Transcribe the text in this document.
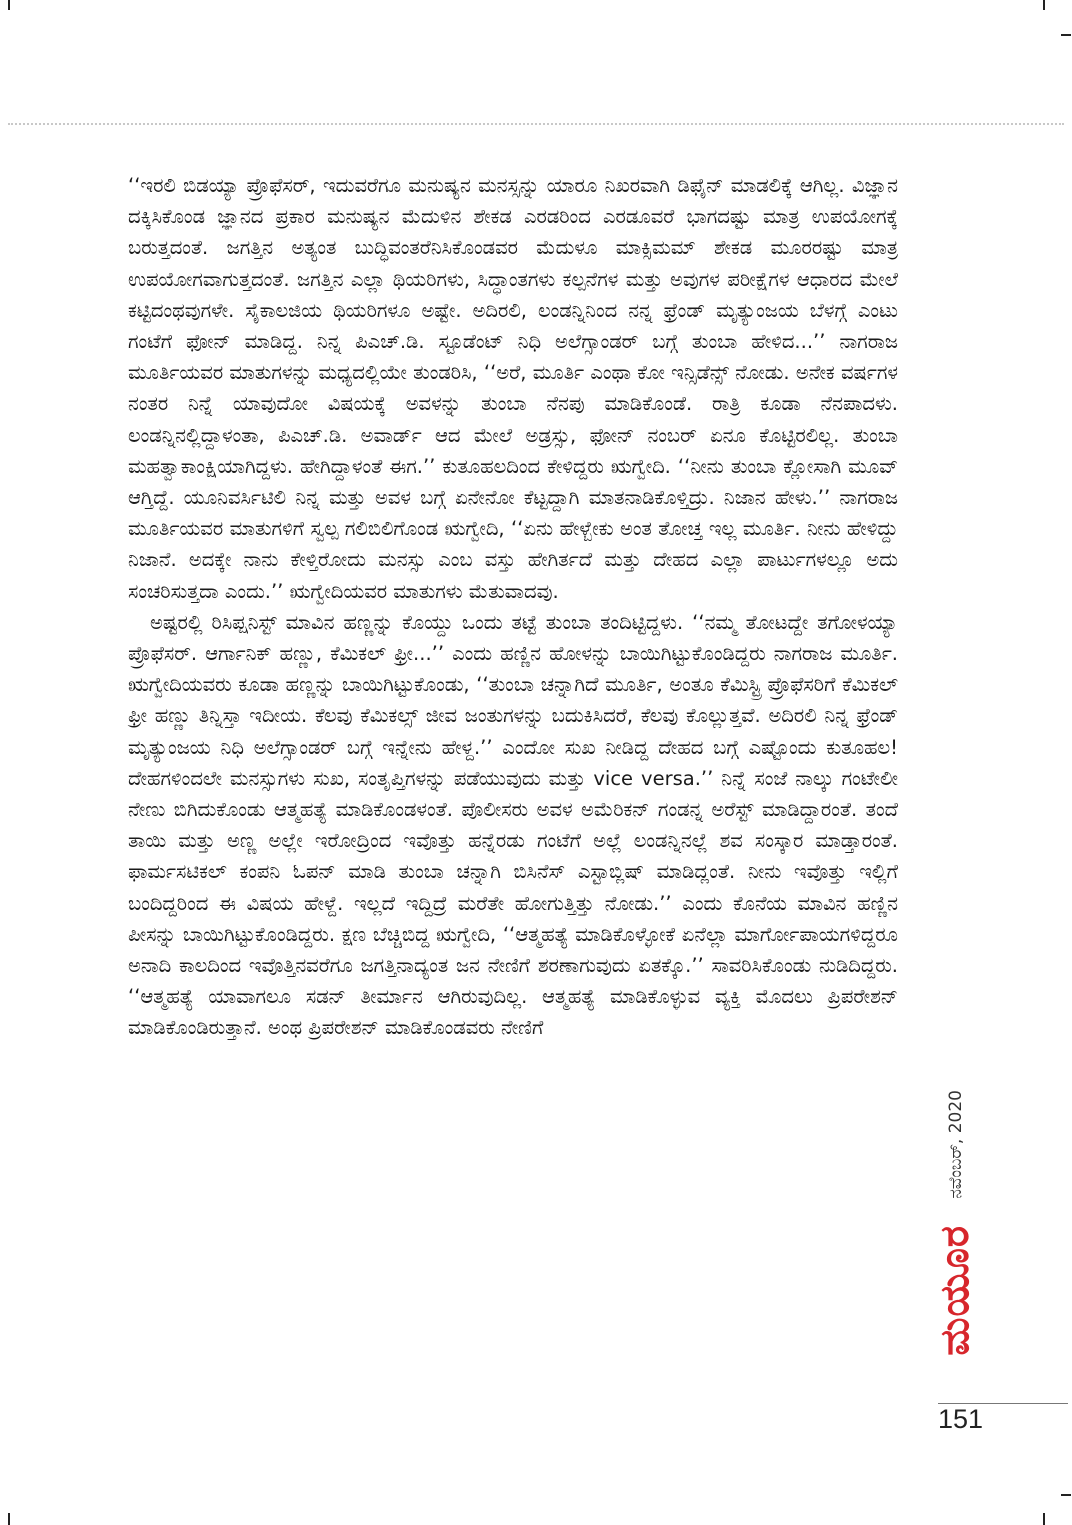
‘‘ಇರಲಿ ಬಿಡಯ್ಯಾ ಪ್ರೊಫೆಸರ್, ಇದುವರೆಗೂ ಮನುಷ್ಯನ ಮನಸ್ಸನ್ನು ಯಾರೂ ನಿಖರವಾಗಿ ಡಿಫೈನ್ ಮಾಡಲಿಕ್ಕೆ ಆಗಿಲ್ಲ. ವಿಜ್ಞಾನ ದಕ್ಕಿಸಿಕೊಂಡ ಜ್ಞಾನದ ಪ್ರಕಾರ ಮನುಷ್ಯನ ಮೆದುಳಿನ ಶೇಕಡ ಎರಡರಿಂದ ಎರಡೂವರೆ ಭಾಗದಷ್ಟು ಮಾತ್ರ ಉಪಯೋಗಕ್ಕೆ ಬರುತ್ತದಂತೆ. ಜಗತ್ತಿನ ಅತ್ಯಂತ ಬುದ್ಧಿವಂತರೆನಿಸಿಕೊಂಡವರ ಮೆದುಳೂ ಮಾಕ್ಸಿಮಮ್ ಶೇಕಡ ಮೂರರಷ್ಟು ಮಾತ್ರ ಉಪಯೋಗವಾಗುತ್ತದಂತೆ. ಜಗತ್ತಿನ ಎಲ್ಲಾ ಥಿಯರಿಗಳು, ಸಿದ್ಧಾಂತಗಳು ಕಲ್ಪನೆಗಳ ಮತ್ತು ಅವುಗಳ ಪರೀಕ್ಷೆಗಳ ಆಧಾರದ ಮೇಲೆ ಕಟ್ಟಿದಂಥವುಗಳೇ. ಸೈಕಾಲಜಿಯ ಥಿಯರಿಗಳೂ ಅಷ್ಟೇ. ಅದಿರಲಿ, ಲಂಡನ್ನಿನಿಂದ ನನ್ನ ಫ್ರೆಂಡ್ ಮೃತ್ಯುಂಜಯ ಬೆಳಗ್ಗೆ ಎಂಟು ಗಂಟೆಗೆ ಫೋನ್ ಮಾಡಿದ್ದ. ನಿನ್ನ ಪಿಎಚ್.ಡಿ. ಸ್ಟೂಡೆಂಟ್ ನಿಧಿ ಅಲೆಗ್ಸಾಂಡರ್ ಬಗ್ಗೆ ತುಂಬಾ ಹೇಳಿದ...’’ ನಾಗರಾಜ ಮೂರ್ತಿಯವರ ಮಾತುಗಳನ್ನು ಮಧ್ಯದಲ್ಲಿಯೇ ತುಂಡರಿಸಿ, ‘‘ಅರೆ, ಮೂರ್ತಿ ಎಂಥಾ ಕೋ ಇನ್ಸಿಡೆನ್ಸ್ ನೋಡು. ಅನೇಕ ವರ್ಷಗಳ ನಂತರ ನಿನ್ನೆ ಯಾವುದೋ ವಿಷಯಕ್ಕೆ ಅವಳನ್ನು ತುಂಬಾ ನೆನಪು ಮಾಡಿಕೊಂಡೆ. ರಾತ್ರಿ ಕೂಡಾ ನೆನಪಾದಳು. ಲಂಡನ್ನಿನಲ್ಲಿದ್ದಾಳಂತಾ, ಪಿಎಚ್.ಡಿ. ಅವಾರ್ಡ್ ಆದ ಮೇಲೆ ಅಡ್ರಸ್ಸು, ಫೋನ್ ನಂಬರ್ ಏನೂ ಕೊಟ್ಟಿರಲಿಲ್ಲ. ತುಂಬಾ ಮಹತ್ವಾಕಾಂಕ್ಷಿಯಾಗಿದ್ದಳು. ಹೇಗಿದ್ದಾಳಂತೆ ಈಗ.’’ ಕುತೂಹಲದಿಂದ ಕೇಳಿದ್ದರು ಋಗ್ವೇದಿ. ‘‘ನೀನು ತುಂಬಾ ಕ್ಲೋಸಾಗಿ ಮೂವ್ ಆಗ್ತಿದ್ದೆ. ಯೂನಿವರ್ಸಿಟಿಲಿ ನಿನ್ನ ಮತ್ತು ಅವಳ ಬಗ್ಗೆ ಏನೇನೋ ಕೆಟ್ಟದ್ದಾಗಿ ಮಾತನಾಡಿಕೊಳ್ತಿದ್ರು. ನಿಜಾನ ಹೇಳು.’’ ನಾಗರಾಜ ಮೂರ್ತಿಯವರ ಮಾತುಗಳಿಗೆ ಸ್ವಲ್ಪ ಗಲಿಬಿಲಿಗೊಂಡ ಋಗ್ವೇದಿ, ‘‘ಏನು ಹೇಳ್ಬೇಕು ಅಂತ ತೋಚ್ತ ಇಲ್ಲ ಮೂರ್ತಿ. ನೀನು ಹೇಳಿದ್ದು ನಿಜಾನೆ. ಅದಕ್ಕೇ ನಾನು ಕೇಳ್ತಿರೋದು ಮನಸ್ಸು ಎಂಬ ವಸ್ತು ಹೇಗಿರ್ತದೆ ಮತ್ತು ದೇಹದ ಎಲ್ಲಾ ಪಾರ್ಟುಗಳಲ್ಲೂ ಅದು ಸಂಚರಿಸುತ್ತದಾ ಎಂದು.’’ ಋಗ್ವೇದಿಯವರ ಮಾತುಗಳು ಮೆತುವಾದವು.

ಅಷ್ಟರಲ್ಲಿ ರಿಸಿಪ್ಷನಿಸ್ಟ್ ಮಾವಿನ ಹಣ್ಣನ್ನು ಕೊಯ್ದು ಒಂದು ತಟ್ಟೆ ತುಂಬಾ ತಂದಿಟ್ಟಿದ್ದಳು. ‘‘ನಮ್ಮ ತೋಟದ್ದೇ ತಗೋಳಯ್ಯಾ ಪ್ರೊಫೆಸರ್. ಆರ್ಗಾನಿಕ್ ಹಣ್ಣು, ಕೆಮಿಕಲ್ ಫ್ರೀ...’’ ಎಂದು ಹಣ್ಣಿನ ಹೋಳನ್ನು ಬಾಯಿಗಿಟ್ಟುಕೊಂಡಿದ್ದರು ನಾಗರಾಜ ಮೂರ್ತಿ. ಋಗ್ವೇದಿಯವರು ಕೂಡಾ ಹಣ್ಣನ್ನು ಬಾಯಿಗಿಟ್ಟುಕೊಂಡು, ‘‘ತುಂಬಾ ಚನ್ನಾಗಿದೆ ಮೂರ್ತಿ, ಅಂತೂ ಕೆಮಿಸ್ಟ್ರಿ ಪ್ರೊಫೆಸರಿಗೆ ಕೆಮಿಕಲ್ ಫ್ರೀ ಹಣ್ಣು ತಿನ್ನಿಸ್ತಾ ಇದೀಯ. ಕೆಲವು ಕೆಮಿಕಲ್ಸ್ ಜೀವ ಜಂತುಗಳನ್ನು ಬದುಕಿಸಿದರೆ, ಕೆಲವು ಕೊಲ್ಲುತ್ತವೆ. ಅದಿರಲಿ ನಿನ್ನ ಫ್ರೆಂಡ್ ಮೃತ್ಯುಂಜಯ ನಿಧಿ ಅಲೆಗ್ಸಾಂಡರ್ ಬಗ್ಗೆ ಇನ್ನೇನು ಹೇಳ್ದ.’’ ಎಂದೋ ಸುಖ ನೀಡಿದ್ದ ದೇಹದ ಬಗ್ಗೆ ಎಷ್ಟೊಂದು ಕುತೂಹಲ! ದೇಹಗಳಿಂದಲೇ ಮನಸ್ಸುಗಳು ಸುಖ, ಸಂತೃಪ್ತಿಗಳನ್ನು ಪಡೆಯುವುದು ಮತ್ತು vice versa.’’ ನಿನ್ನೆ ಸಂಜೆ ನಾಲ್ಕು ಗಂಟೇಲೀ ನೇಣು ಬಿಗಿದುಕೊಂಡು ಆತ್ಮಹತ್ಯೆ ಮಾಡಿಕೊಂಡಳಂತೆ. ಪೊಲೀಸರು ಅವಳ ಅಮೆರಿಕನ್ ಗಂಡನ್ನ ಅರೆಸ್ಟ್ ಮಾಡಿದ್ದಾರಂತೆ. ತಂದೆ ತಾಯಿ ಮತ್ತು ಅಣ್ಣ ಅಲ್ಲೇ ಇರೋದ್ರಿಂದ ಇವೊತ್ತು ಹನ್ನೆರಡು ಗಂಟೆಗೆ ಅಲ್ಲೆ ಲಂಡನ್ನಿನಲ್ಲೆ ಶವ ಸಂಸ್ಕಾರ ಮಾಡ್ತಾರಂತೆ. ಫಾರ್ಮಸಟಿಕಲ್ ಕಂಪನಿ ಓಪನ್ ಮಾಡಿ ತುಂಬಾ ಚನ್ನಾಗಿ ಬಿಸಿನೆಸ್ ಎಸ್ಟಾಬ್ಲಿಷ್ ಮಾಡಿದ್ಲಂತೆ. ನೀನು ಇವೊತ್ತು ಇಲ್ಲಿಗೆ ಬಂದಿದ್ದರಿಂದ ಈ ವಿಷಯ ಹೇಳ್ದೆ. ಇಲ್ಲದೆ ಇದ್ದಿದ್ರೆ ಮರೆತೇ ಹೋಗುತ್ತಿತ್ತು ನೋಡು.’’ ಎಂದು ಕೊನೆಯ ಮಾವಿನ ಹಣ್ಣಿನ ಪೀಸನ್ನು ಬಾಯಿಗಿಟ್ಟುಕೊಂಡಿದ್ದರು. ಕ್ಷಣ ಬೆಚ್ಚಿಬಿದ್ದ ಋಗ್ವೇದಿ, ‘‘ಆತ್ಮಹತ್ಯೆ ಮಾಡಿಕೊಳ್ಳೋಕೆ ಏನೆಲ್ಲಾ ಮಾರ್ಗೋಪಾಯಗಳಿದ್ದರೂ ಅನಾದಿ ಕಾಲದಿಂದ ಇವೊತ್ತಿನವರೆಗೂ ಜಗತ್ತಿನಾದ್ಯಂತ ಜನ ನೇಣಿಗೆ ಶರಣಾಗುವುದು ಏತಕ್ಕೊ.’’ ಸಾವರಿಸಿಕೊಂಡು ನುಡಿದಿದ್ದರು. ‘‘ಆತ್ಮಹತ್ಯೆ ಯಾವಾಗಲೂ ಸಡನ್ ತೀರ್ಮಾನ ಆಗಿರುವುದಿಲ್ಲ. ಆತ್ಮಹತ್ಯೆ ಮಾಡಿಕೊಳ್ಳುವ ವ್ಯಕ್ತಿ ಮೊದಲು ಪ್ರಿಪರೇಶನ್ ಮಾಡಿಕೊಂಡಿರುತ್ತಾನೆ. ಅಂಥ ಪ್ರಿಪರೇಶನ್ ಮಾಡಿಕೊಂಡವರು ನೇಣಿಗೆ

ನವೆಂಬರ್, 2020
ಮಯೂರ
151
